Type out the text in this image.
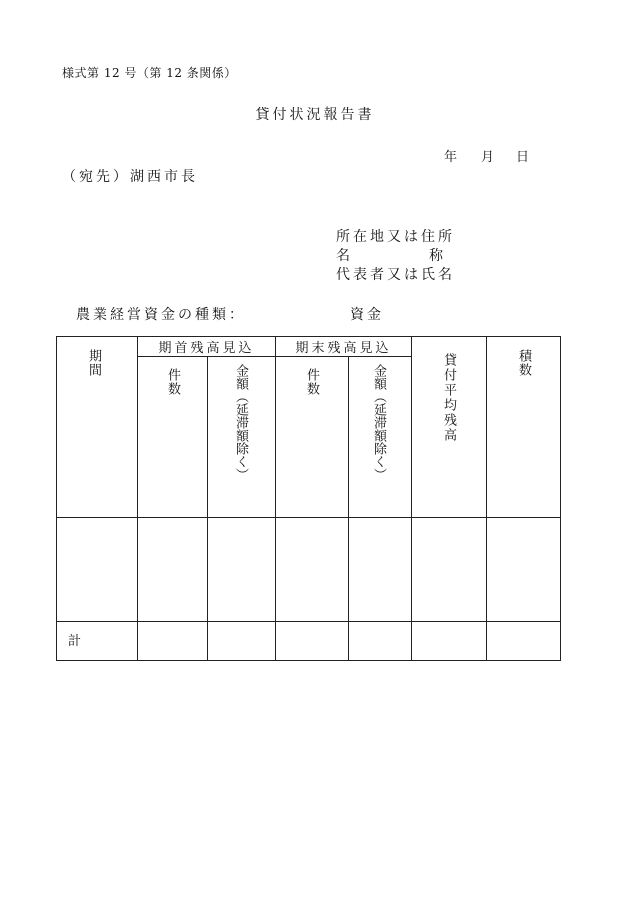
様式第 12 号（第 12 条関係）
貸付状況報告書
年 月 日
（宛先）湖西市長
所在地又は住所
名	称
代表者又は氏名
農業経営資金の種類：	資金
期間
期首残高見込	期末残高見込
件数	金額（延滞額除く）	件数	金額（延滞額除く）	貸付平均残高	積数
計
